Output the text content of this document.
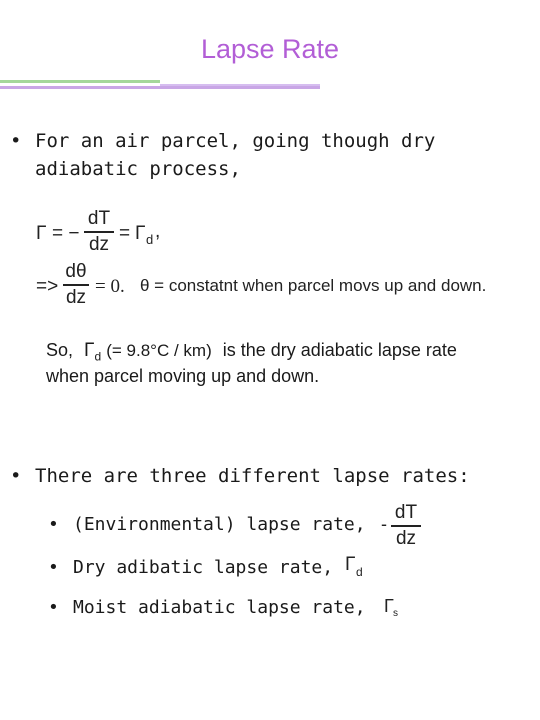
Lapse Rate
• For an air parcel, going though dry adiabatic process,
Γ = −
dT
dz = Γ d ,
=>
dθ
dz = 0. θ = constatnt when parcel movs up and down.
So, $\Gamma_d$ (= 9.8°C / km) is the dry adiabatic lapse rate
when parcel moving up and down.
• There are three different lapse rates:
• (Environmental) lapse rate, -
dT
dz
• Dry adibatic lapse rate, Γ d
• Moist adiabatic lapse rate, Γ s
